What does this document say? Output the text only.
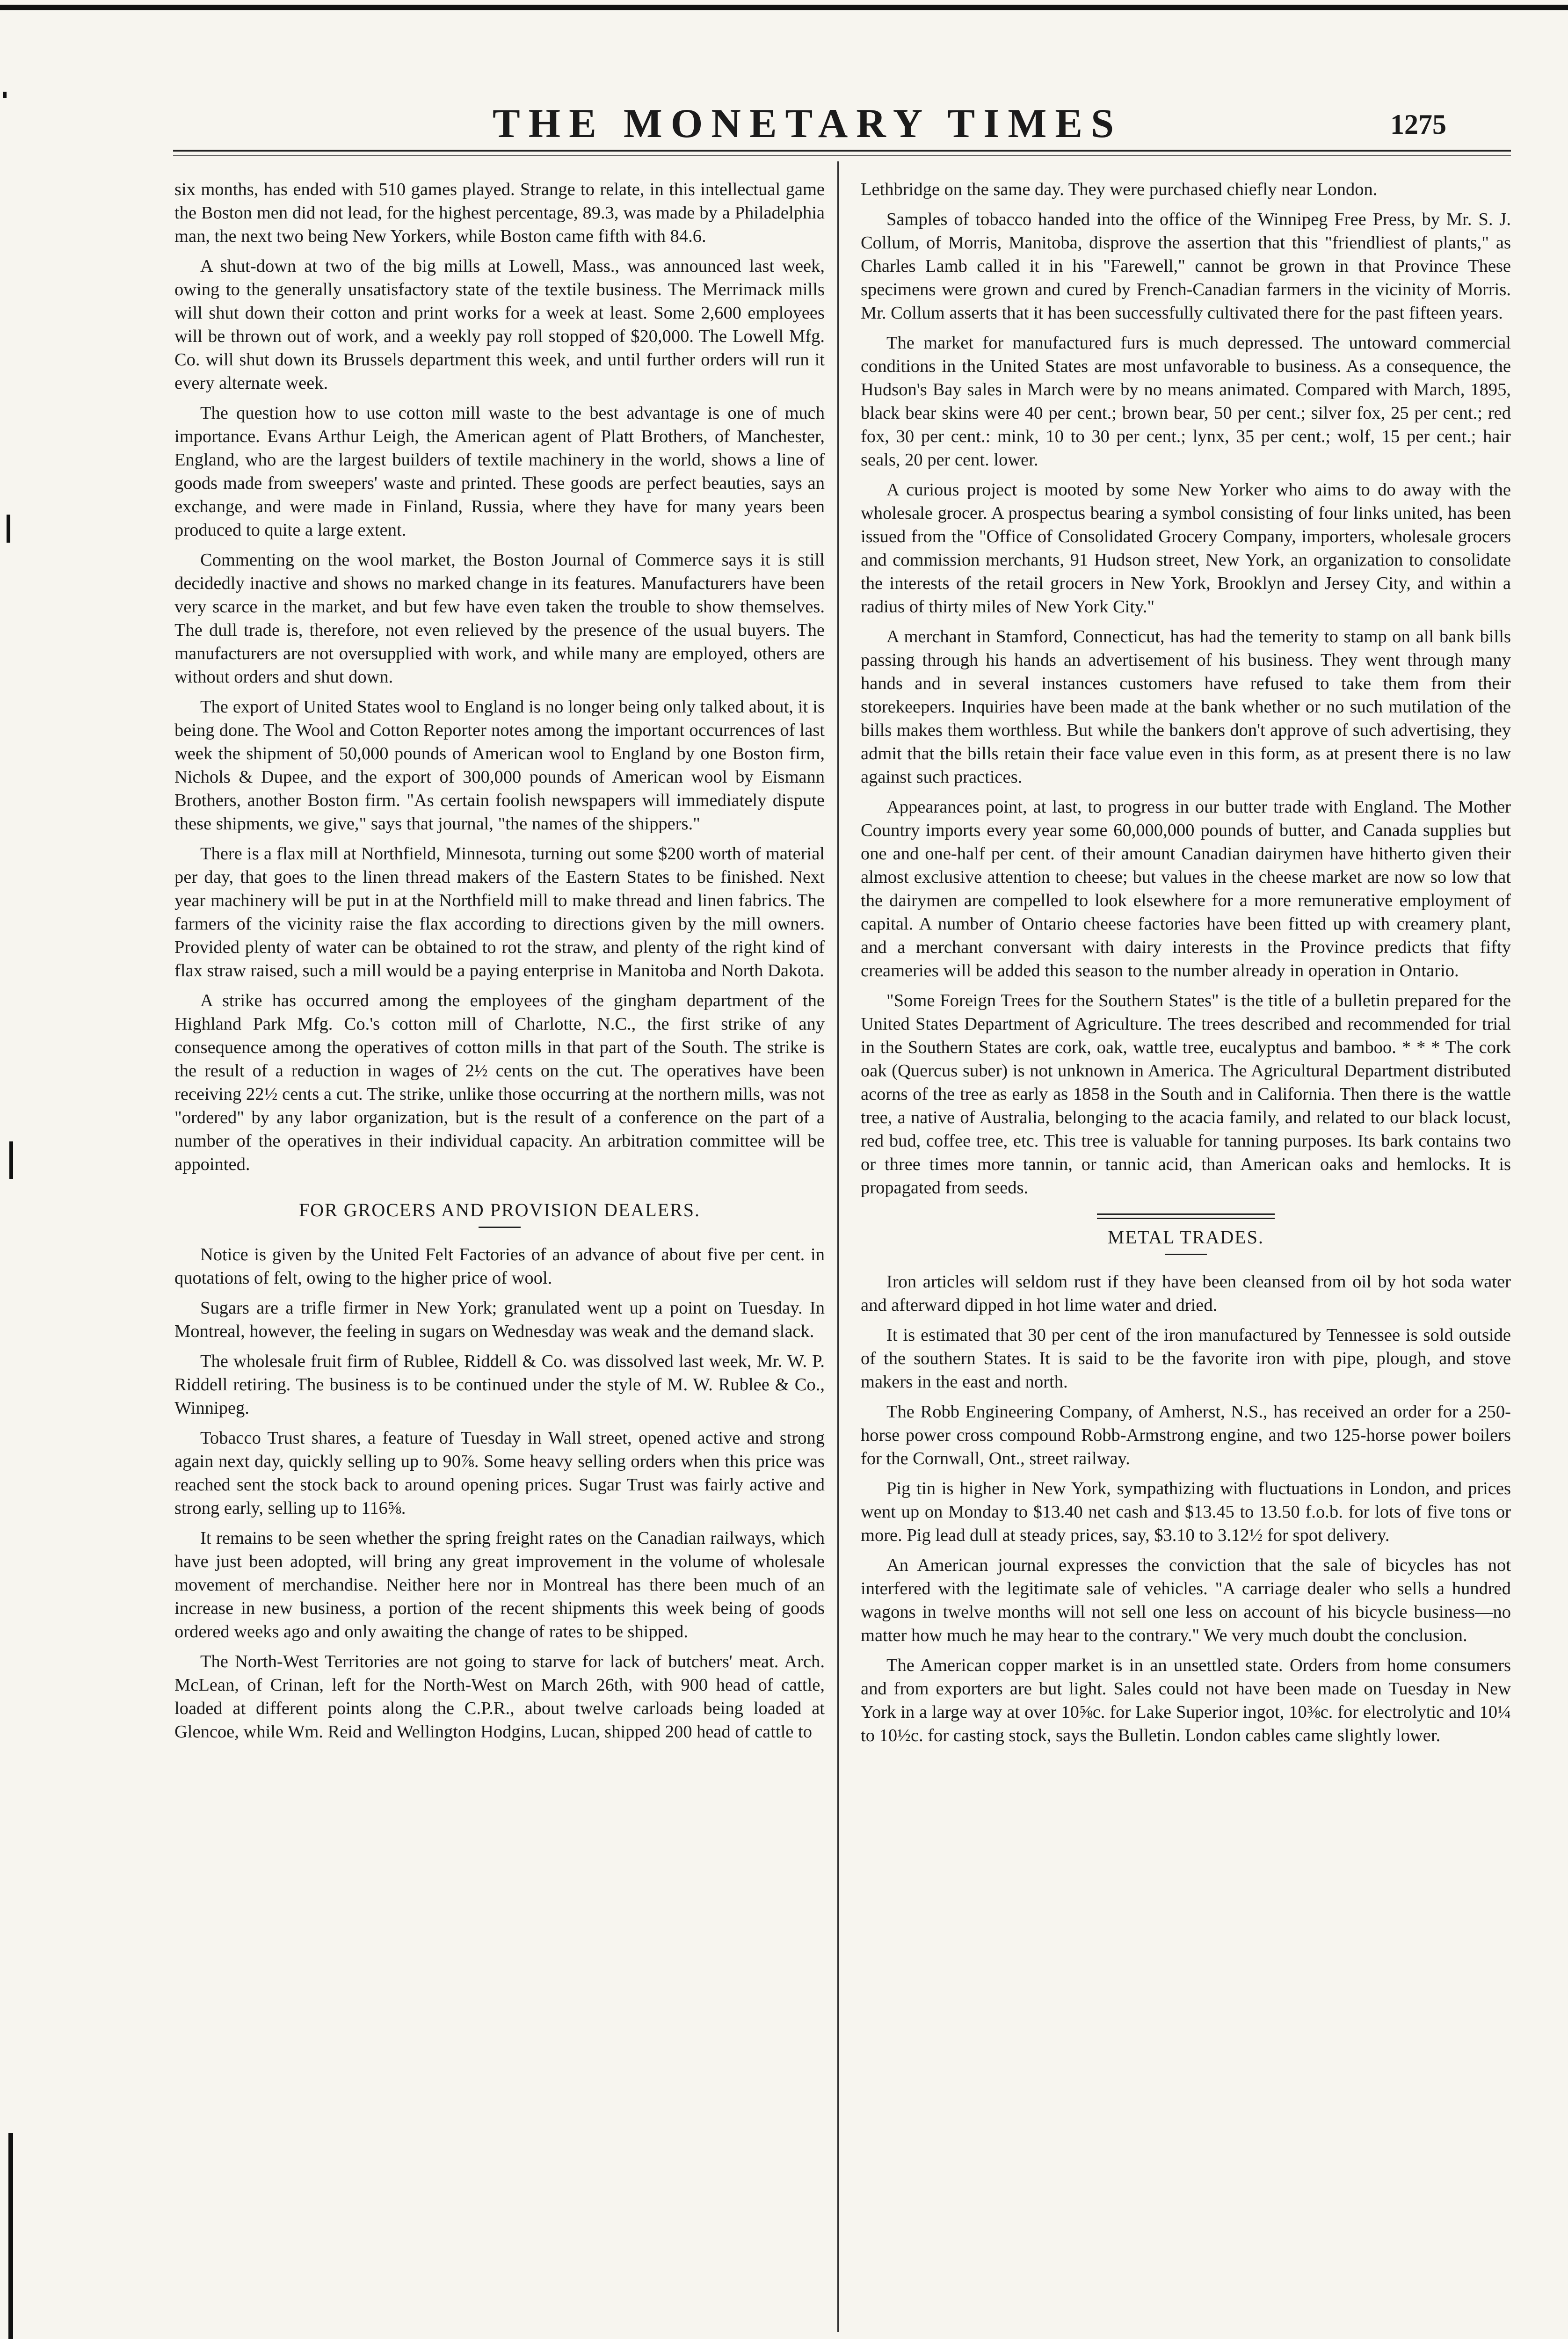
THE MONETARY TIMES	1275

six months, has ended with 510 games played. Strange to relate, in this intellectual game the Boston men did not lead, for the highest percentage, 89.3, was made by a Philadelphia man, the next two being New Yorkers, while Boston came fifth with 84.6.

A shut-down at two of the big mills at Lowell, Mass., was announced last week, owing to the generally unsatisfactory state of the textile business. The Merrimack mills will shut down their cotton and print works for a week at least. Some 2,600 employees will be thrown out of work, and a weekly pay roll stopped of $20,000. The Lowell Mfg. Co. will shut down its Brussels department this week, and until further orders will run it every alternate week.

The question how to use cotton mill waste to the best advantage is one of much importance. Evans Arthur Leigh, the American agent of Platt Brothers, of Manchester, England, who are the largest builders of textile machinery in the world, shows a line of goods made from sweepers' waste and printed. These goods are perfect beauties, says an exchange, and were made in Finland, Russia, where they have for many years been produced to quite a large extent.

Commenting on the wool market, the Boston Journal of Commerce says it is still decidedly inactive and shows no marked change in its features. Manufacturers have been very scarce in the market, and but few have even taken the trouble to show themselves. The dull trade is, therefore, not even relieved by the presence of the usual buyers. The manufacturers are not oversupplied with work, and while many are employed, others are without orders and shut down.

The export of United States wool to England is no longer being only talked about, it is being done. The Wool and Cotton Reporter notes among the important occurrences of last week the shipment of 50,000 pounds of American wool to England by one Boston firm, Nichols & Dupee, and the export of 300,000 pounds of American wool by Eismann Brothers, another Boston firm. "As certain foolish newspapers will immediately dispute these shipments, we give," says that journal, "the names of the shippers."

There is a flax mill at Northfield, Minnesota, turning out some $200 worth of material per day, that goes to the linen thread makers of the Eastern States to be finished. Next year machinery will be put in at the Northfield mill to make thread and linen fabrics. The farmers of the vicinity raise the flax according to directions given by the mill owners. Provided plenty of water can be obtained to rot the straw, and plenty of the right kind of flax straw raised, such a mill would be a paying enterprise in Manitoba and North Dakota.

A strike has occurred among the employees of the gingham department of the Highland Park Mfg. Co.'s cotton mill of Charlotte, N.C., the first strike of any consequence among the operatives of cotton mills in that part of the South. The strike is the result of a reduction in wages of 2½ cents on the cut. The operatives have been receiving 22½ cents a cut. The strike, unlike those occurring at the northern mills, was not "ordered" by any labor organization, but is the result of a conference on the part of a number of the operatives in their individual capacity. An arbitration committee will be appointed.

FOR GROCERS AND PROVISION DEALERS.

Notice is given by the United Felt Factories of an advance of about five per cent. in quotations of felt, owing to the higher price of wool.

Sugars are a trifle firmer in New York; granulated went up a point on Tuesday. In Montreal, however, the feeling in sugars on Wednesday was weak and the demand slack.

The wholesale fruit firm of Rublee, Riddell & Co. was dissolved last week, Mr. W. P. Riddell retiring. The business is to be continued under the style of M. W. Rublee & Co., Winnipeg.

Tobacco Trust shares, a feature of Tuesday in Wall street, opened active and strong again next day, quickly selling up to 90⅞. Some heavy selling orders when this price was reached sent the stock back to around opening prices. Sugar Trust was fairly active and strong early, selling up to 116⅝.

It remains to be seen whether the spring freight rates on the Canadian railways, which have just been adopted, will bring any great improvement in the volume of wholesale movement of merchandise. Neither here nor in Montreal has there been much of an increase in new business, a portion of the recent shipments this week being of goods ordered weeks ago and only awaiting the change of rates to be shipped.

The North-West Territories are not going to starve for lack of butchers' meat. Arch. McLean, of Crinan, left for the North-West on March 26th, with 900 head of cattle, loaded at different points along the C.P.R., about twelve carloads being loaded at Glencoe, while Wm. Reid and Wellington Hodgins, Lucan, shipped 200 head of cattle to

Lethbridge on the same day. They were purchased chiefly near London.

Samples of tobacco handed into the office of the Winnipeg Free Press, by Mr. S. J. Collum, of Morris, Manitoba, disprove the assertion that this "friendliest of plants," as Charles Lamb called it in his "Farewell," cannot be grown in that Province These specimens were grown and cured by French-Canadian farmers in the vicinity of Morris. Mr. Collum asserts that it has been successfully cultivated there for the past fifteen years.

The market for manufactured furs is much depressed. The untoward commercial conditions in the United States are most unfavorable to business. As a consequence, the Hudson's Bay sales in March were by no means animated. Compared with March, 1895, black bear skins were 40 per cent.; brown bear, 50 per cent.; silver fox, 25 per cent.; red fox, 30 per cent.: mink, 10 to 30 per cent.; lynx, 35 per cent.; wolf, 15 per cent.; hair seals, 20 per cent. lower.

A curious project is mooted by some New Yorker who aims to do away with the wholesale grocer. A prospectus bearing a symbol consisting of four links united, has been issued from the "Office of Consolidated Grocery Company, importers, wholesale grocers and commission merchants, 91 Hudson street, New York, an organization to consolidate the interests of the retail grocers in New York, Brooklyn and Jersey City, and within a radius of thirty miles of New York City."

A merchant in Stamford, Connecticut, has had the temerity to stamp on all bank bills passing through his hands an advertisement of his business. They went through many hands and in several instances customers have refused to take them from their storekeepers. Inquiries have been made at the bank whether or no such mutilation of the bills makes them worthless. But while the bankers don't approve of such advertising, they admit that the bills retain their face value even in this form, as at present there is no law against such practices.

Appearances point, at last, to progress in our butter trade with England. The Mother Country imports every year some 60,000,000 pounds of butter, and Canada supplies but one and one-half per cent. of their amount Canadian dairymen have hitherto given their almost exclusive attention to cheese; but values in the cheese market are now so low that the dairymen are compelled to look elsewhere for a more remunerative employment of capital. A number of Ontario cheese factories have been fitted up with creamery plant, and a merchant conversant with dairy interests in the Province predicts that fifty creameries will be added this season to the number already in operation in Ontario.

"Some Foreign Trees for the Southern States" is the title of a bulletin prepared for the United States Department of Agriculture. The trees described and recommended for trial in the Southern States are cork, oak, wattle tree, eucalyptus and bamboo. * * * The cork oak (Quercus suber) is not unknown in America. The Agricultural Department distributed acorns of the tree as early as 1858 in the South and in California. Then there is the wattle tree, a native of Australia, belonging to the acacia family, and related to our black locust, red bud, coffee tree, etc. This tree is valuable for tanning purposes. Its bark contains two or three times more tannin, or tannic acid, than American oaks and hemlocks. It is propagated from seeds.

METAL TRADES.

Iron articles will seldom rust if they have been cleansed from oil by hot soda water and afterward dipped in hot lime water and dried.

It is estimated that 30 per cent of the iron manufactured by Tennessee is sold outside of the southern States. It is said to be the favorite iron with pipe, plough, and stove makers in the east and north.

The Robb Engineering Company, of Amherst, N.S., has received an order for a 250-horse power cross compound Robb-Armstrong engine, and two 125-horse power boilers for the Cornwall, Ont., street railway.

Pig tin is higher in New York, sympathizing with fluctuations in London, and prices went up on Monday to $13.40 net cash and $13.45 to 13.50 f.o.b. for lots of five tons or more. Pig lead dull at steady prices, say, $3.10 to 3.12½ for spot delivery.

An American journal expresses the conviction that the sale of bicycles has not interfered with the legitimate sale of vehicles. "A carriage dealer who sells a hundred wagons in twelve months will not sell one less on account of his bicycle business—no matter how much he may hear to the contrary." We very much doubt the conclusion.

The American copper market is in an unsettled state. Orders from home consumers and from exporters are but light. Sales could not have been made on Tuesday in New York in a large way at over 10⅝c. for Lake Superior ingot, 10⅜c. for electrolytic and 10¼ to 10½c. for casting stock, says the Bulletin. London cables came slightly lower.
